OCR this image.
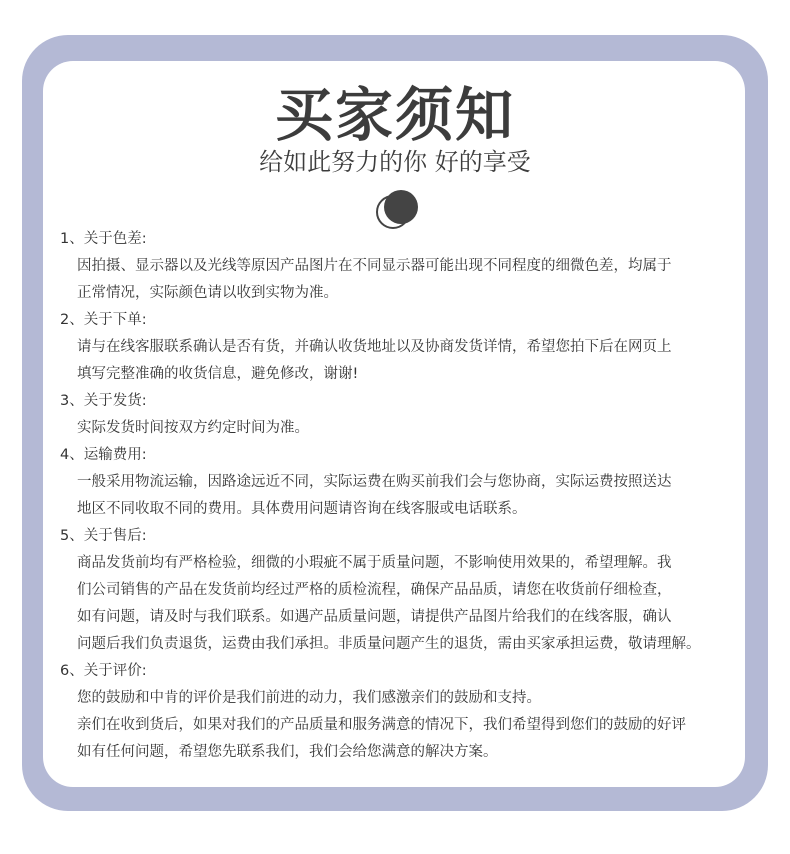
买家须知
给如此努力的你 好的享受
1、关于色差:
因拍摄、显示器以及光线等原因产品图片在不同显示器可能出现不同程度的细微色差，均属于
正常情况，实际颜色请以收到实物为准。
2、关于下单:
请与在线客服联系确认是否有货，并确认收货地址以及协商发货详情，希望您拍下后在网页上
填写完整准确的收货信息，避免修改，谢谢!
3、关于发货:
实际发货时间按双方约定时间为准。
4、运输费用:
一般采用物流运输，因路途远近不同，实际运费在购买前我们会与您协商，实际运费按照送达
地区不同收取不同的费用。具体费用问题请咨询在线客服或电话联系。
5、关于售后:
商品发货前均有严格检验，细微的小瑕疵不属于质量问题，不影响使用效果的，希望理解。我
们公司销售的产品在发货前均经过严格的质检流程，确保产品品质，请您在收货前仔细检查，
如有问题，请及时与我们联系。如遇产品质量问题，请提供产品图片给我们的在线客服，确认
问题后我们负责退货，运费由我们承担。非质量问题产生的退货，需由买家承担运费，敬请理解。
6、关于评价:
您的鼓励和中肯的评价是我们前进的动力，我们感激亲们的鼓励和支持。
亲们在收到货后，如果对我们的产品质量和服务满意的情况下，我们希望得到您们的鼓励的好评
如有任何问题，希望您先联系我们，我们会给您满意的解决方案。
